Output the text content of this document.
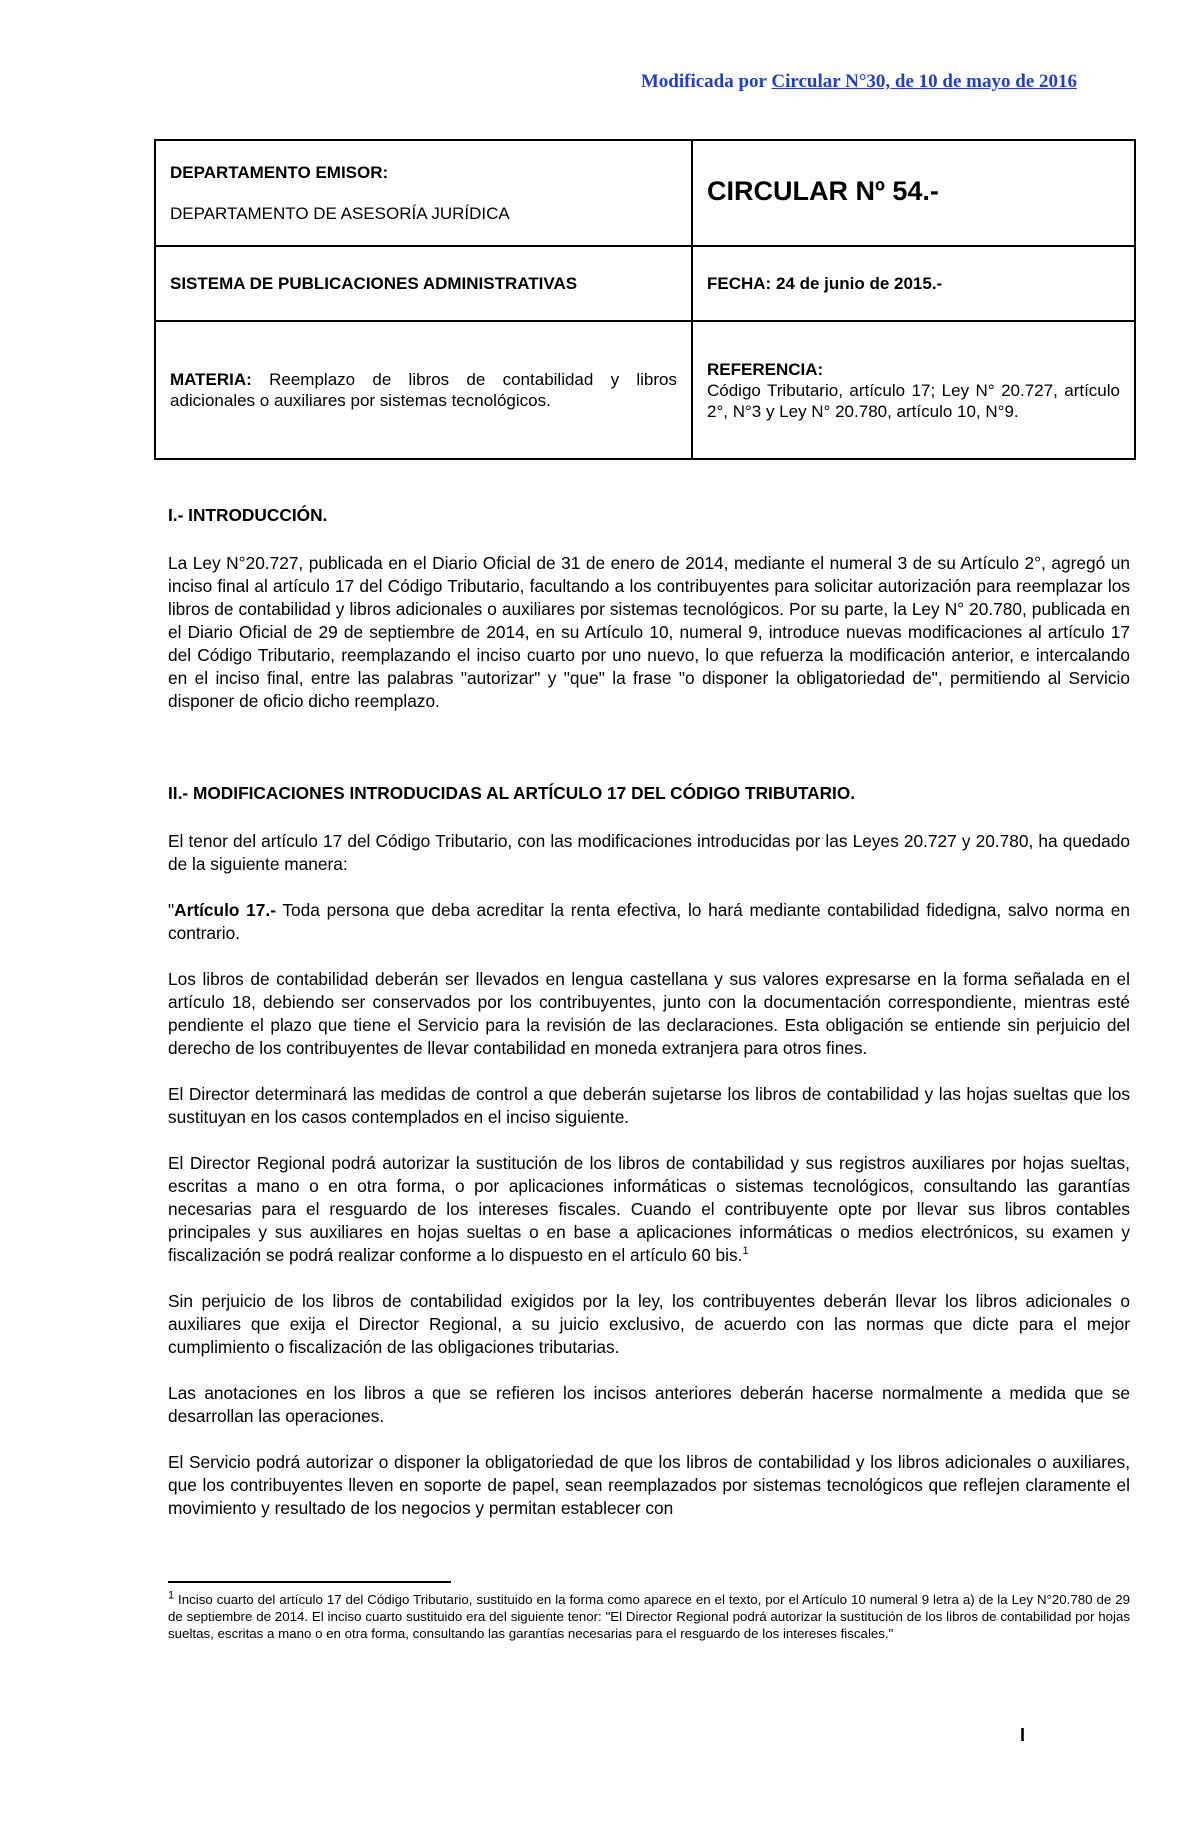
Modificada por Circular N°30, de 10 de mayo de 2016
DEPARTAMENTO EMISOR:
DEPARTAMENTO DE ASESORÍA JURÍDICA	CIRCULAR Nº 54.-
SISTEMA DE PUBLICACIONES ADMINISTRATIVAS	FECHA: 24 de junio de 2015.-
MATERIA: Reemplazo de libros de contabilidad y libros adicionales o auxiliares por sistemas tecnológicos.	REFERENCIA:
Código Tributario, artículo 17; Ley N° 20.727, artículo 2°, N°3 y Ley N° 20.780, artículo 10, N°9.

I.- INTRODUCCIÓN.

La Ley N°20.727, publicada en el Diario Oficial de 31 de enero de 2014, mediante el numeral 3 de su Artículo 2°, agregó un inciso final al artículo 17 del Código Tributario, facultando a los contribuyentes para solicitar autorización para reemplazar los libros de contabilidad y libros adicionales o auxiliares por sistemas tecnológicos. Por su parte, la Ley N° 20.780, publicada en el Diario Oficial de 29 de septiembre de 2014, en su Artículo 10, numeral 9, introduce nuevas modificaciones al artículo 17 del Código Tributario, reemplazando el inciso cuarto por uno nuevo, lo que refuerza la modificación anterior, e intercalando en el inciso final, entre las palabras "autorizar" y "que" la frase "o disponer la obligatoriedad de", permitiendo al Servicio disponer de oficio dicho reemplazo.

II.- MODIFICACIONES INTRODUCIDAS AL ARTÍCULO 17 DEL CÓDIGO TRIBUTARIO.

El tenor del artículo 17 del Código Tributario, con las modificaciones introducidas por las Leyes 20.727 y 20.780, ha quedado de la siguiente manera:

"Artículo 17.- Toda persona que deba acreditar la renta efectiva, lo hará mediante contabilidad fidedigna, salvo norma en contrario.

Los libros de contabilidad deberán ser llevados en lengua castellana y sus valores expresarse en la forma señalada en el artículo 18, debiendo ser conservados por los contribuyentes, junto con la documentación correspondiente, mientras esté pendiente el plazo que tiene el Servicio para la revisión de las declaraciones. Esta obligación se entiende sin perjuicio del derecho de los contribuyentes de llevar contabilidad en moneda extranjera para otros fines.

El Director determinará las medidas de control a que deberán sujetarse los libros de contabilidad y las hojas sueltas que los sustituyan en los casos contemplados en el inciso siguiente.

El Director Regional podrá autorizar la sustitución de los libros de contabilidad y sus registros auxiliares por hojas sueltas, escritas a mano o en otra forma, o por aplicaciones informáticas o sistemas tecnológicos, consultando las garantías necesarias para el resguardo de los intereses fiscales. Cuando el contribuyente opte por llevar sus libros contables principales y sus auxiliares en hojas sueltas o en base a aplicaciones informáticas o medios electrónicos, su examen y fiscalización se podrá realizar conforme a lo dispuesto en el artículo 60 bis.$^1$

Sin perjuicio de los libros de contabilidad exigidos por la ley, los contribuyentes deberán llevar los libros adicionales o auxiliares que exija el Director Regional, a su juicio exclusivo, de acuerdo con las normas que dicte para el mejor cumplimiento o fiscalización de las obligaciones tributarias.

Las anotaciones en los libros a que se refieren los incisos anteriores deberán hacerse normalmente a medida que se desarrollan las operaciones.

El Servicio podrá autorizar o disponer la obligatoriedad de que los libros de contabilidad y los libros adicionales o auxiliares, que los contribuyentes lleven en soporte de papel, sean reemplazados por sistemas tecnológicos que reflejen claramente el movimiento y resultado de los negocios y permitan establecer con

$^1$ Inciso cuarto del artículo 17 del Código Tributario, sustituido en la forma como aparece en el texto, por el Artículo 10 numeral 9 letra a) de la Ley N°20.780 de 29 de septiembre de 2014. El inciso cuarto sustituido era del siguiente tenor: "El Director Regional podrá autorizar la sustitución de los libros de contabilidad por hojas sueltas, escritas a mano o en otra forma, consultando las garantías necesarias para el resguardo de los intereses fiscales."
I
